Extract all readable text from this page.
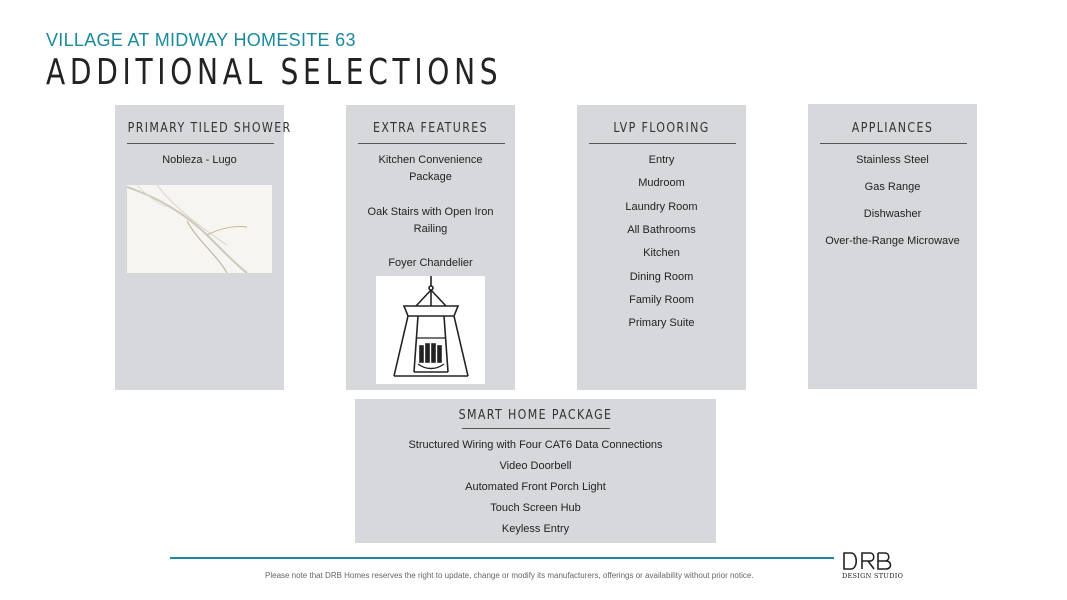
VILLAGE AT MIDWAY HOMESITE 63
ADDITIONAL SELECTIONS
PRIMARY TILED SHOWER
Nobleza - Lugo
EXTRA FEATURES
Kitchen Convenience
Package
Oak Stairs with Open Iron
Railing
Foyer Chandelier
LVP FLOORING
Entry
Mudroom
Laundry Room
All Bathrooms
Kitchen
Dining Room
Family Room
Primary Suite
APPLIANCES
Stainless Steel
Gas Range
Dishwasher
Over-the-Range Microwave
SMART HOME PACKAGE
Structured Wiring with Four CAT6 Data Connections
Video Doorbell
Automated Front Porch Light
Touch Screen Hub
Keyless Entry
Please note that DRB Homes reserves the right to update, change or modify its manufacturers, offerings or availability without prior notice.	DESIGN STUDIO
